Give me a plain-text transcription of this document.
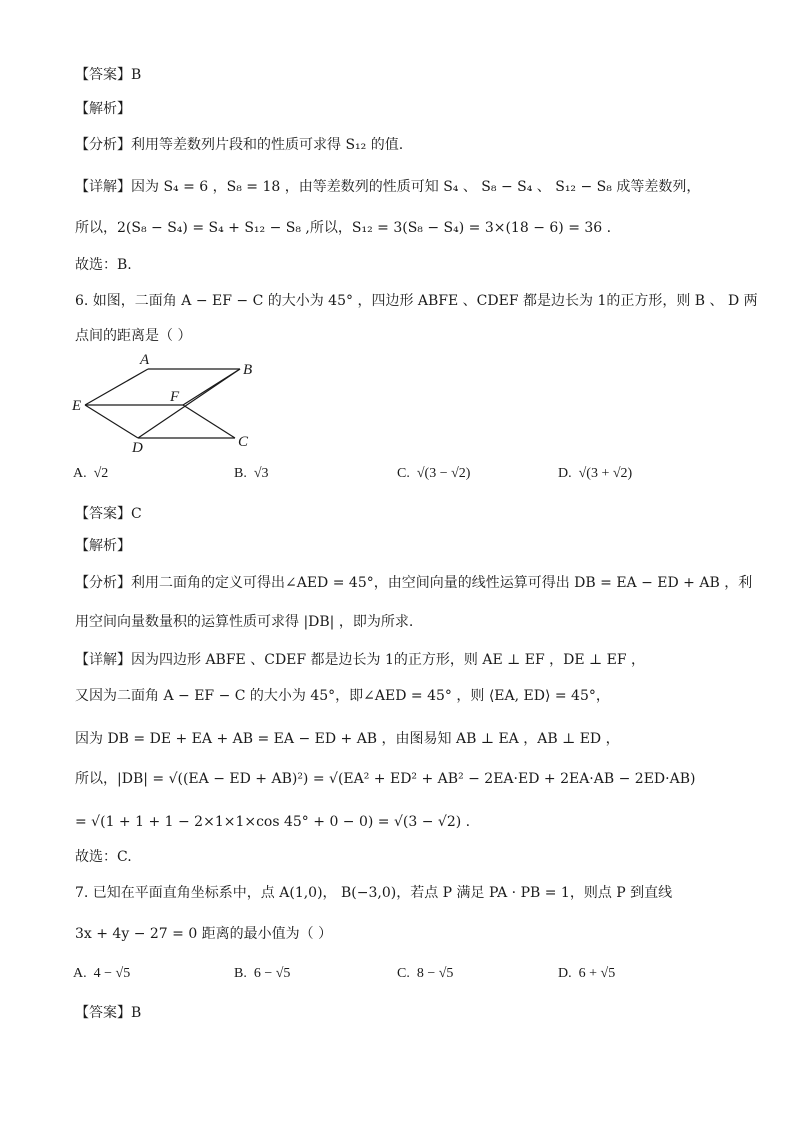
【答案】B
【解析】
【分析】利用等差数列片段和的性质可求得 S₁₂ 的值.
【详解】因为 S₄ = 6 ，S₈ = 18 ，由等差数列的性质可知 S₄ 、 S₈ − S₄ 、 S₁₂ − S₈ 成等差数列，
所以，2(S₈ − S₄) = S₄ + S₁₂ − S₈ ,所以，S₁₂ = 3(S₈ − S₄) = 3×(18 − 6) = 36 .
故选：B.
6. 如图，二面角 A − EF − C 的大小为 45° ，四边形 ABFE 、CDEF 都是边长为 1的正方形，则 B 、 D 两
点间的距离是（ ）
A
B
E
F
C
D
A. √2	B. √3	C. √(3 − √2)	D. √(3 + √2)
【答案】C
【解析】
【分析】利用二面角的定义可得出∠AED = 45°，由空间向量的线性运算可得出 DB = EA − ED + AB ，利
用空间向量数量积的运算性质可求得 |DB| ，即为所求.
【详解】因为四边形 ABFE 、CDEF 都是边长为 1的正方形，则 AE ⊥ EF ，DE ⊥ EF ，
又因为二面角 A − EF − C 的大小为 45°，即∠AED = 45° ，则 ⟨EA, ED⟩ = 45°，
因为 DB = DE + EA + AB = EA − ED + AB ，由图易知 AB ⊥ EA ，AB ⊥ ED ，
所以，|DB| = √((EA − ED + AB)²) = √(EA² + ED² + AB² − 2EA·ED + 2EA·AB − 2ED·AB)
= √(1 + 1 + 1 − 2×1×1×cos 45° + 0 − 0) = √(3 − √2) .
故选：C.
7. 已知在平面直角坐标系中，点 A(1,0)， B(−3,0)，若点 P 满足 PA · PB = 1，则点 P 到直线
3x + 4y − 27 = 0 距离的最小值为（ ）
A. 4 − √5	B. 6 − √5	C. 8 − √5	D. 6 + √5
【答案】B
